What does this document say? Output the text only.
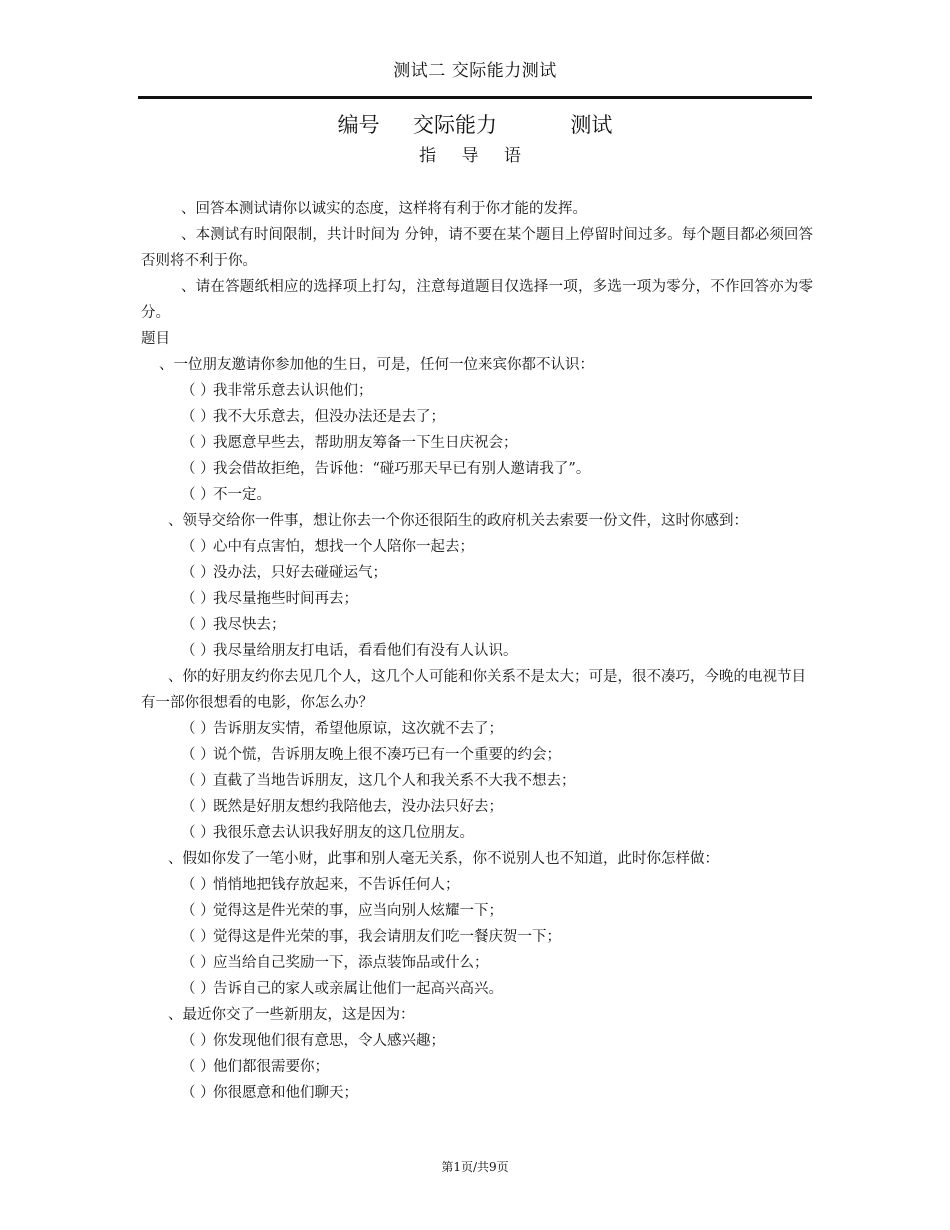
测试二 交际能力测试
编号     交际能力           测试
指 导 语
、回答本测试请你以诚实的态度，这样将有利于你才能的发挥。
、本测试有时间限制，共计时间为 分钟，请不要在某个题目上停留时间过多。每个题目都必须回答 否则将不利于你。
、请在答题纸相应的选择项上打勾，注意每道题目仅选择一项，多选一项为零分，不作回答亦为零分。
题目
、一位朋友邀请你参加他的生日，可是，任何一位来宾你都不认识：
（ ）我非常乐意去认识他们；
（ ）我不大乐意去，但没办法还是去了；
（ ）我愿意早些去，帮助朋友筹备一下生日庆祝会；
（ ）我会借故拒绝，告诉他：“碰巧那天早已有别人邀请我了”。
（ ）不一定。
、领导交给你一件事，想让你去一个你还很陌生的政府机关去索要一份文件，这时你感到：
（ ）心中有点害怕，想找一个人陪你一起去；
（ ）没办法，只好去碰碰运气；
（ ）我尽量拖些时间再去；
（ ）我尽快去；
（ ）我尽量给朋友打电话，看看他们有没有人认识。
、你的好朋友约你去见几个人，这几个人可能和你关系不是太大；可是，很不凑巧，今晚的电视节目有一部你很想看的电影，你怎么办？
（ ）告诉朋友实情，希望他原谅，这次就不去了；
（ ）说个慌，告诉朋友晚上很不凑巧已有一个重要的约会；
（ ）直截了当地告诉朋友，这几个人和我关系不大我不想去；
（ ）既然是好朋友想约我陪他去，没办法只好去；
（ ）我很乐意去认识我好朋友的这几位朋友。
、假如你发了一笔小财，此事和别人毫无关系，你不说别人也不知道，此时你怎样做：
（ ）悄悄地把钱存放起来，不告诉任何人；
（ ）觉得这是件光荣的事，应当向别人炫耀一下；
（ ）觉得这是件光荣的事，我会请朋友们吃一餐庆贺一下；
（ ）应当给自己奖励一下，添点装饰品或什么；
（ ）告诉自己的家人或亲属让他们一起高兴高兴。
、最近你交了一些新朋友，这是因为：
（ ）你发现他们很有意思，令人感兴趣；
（ ）他们都很需要你；
（ ）你很愿意和他们聊天；
第1页/共9页
